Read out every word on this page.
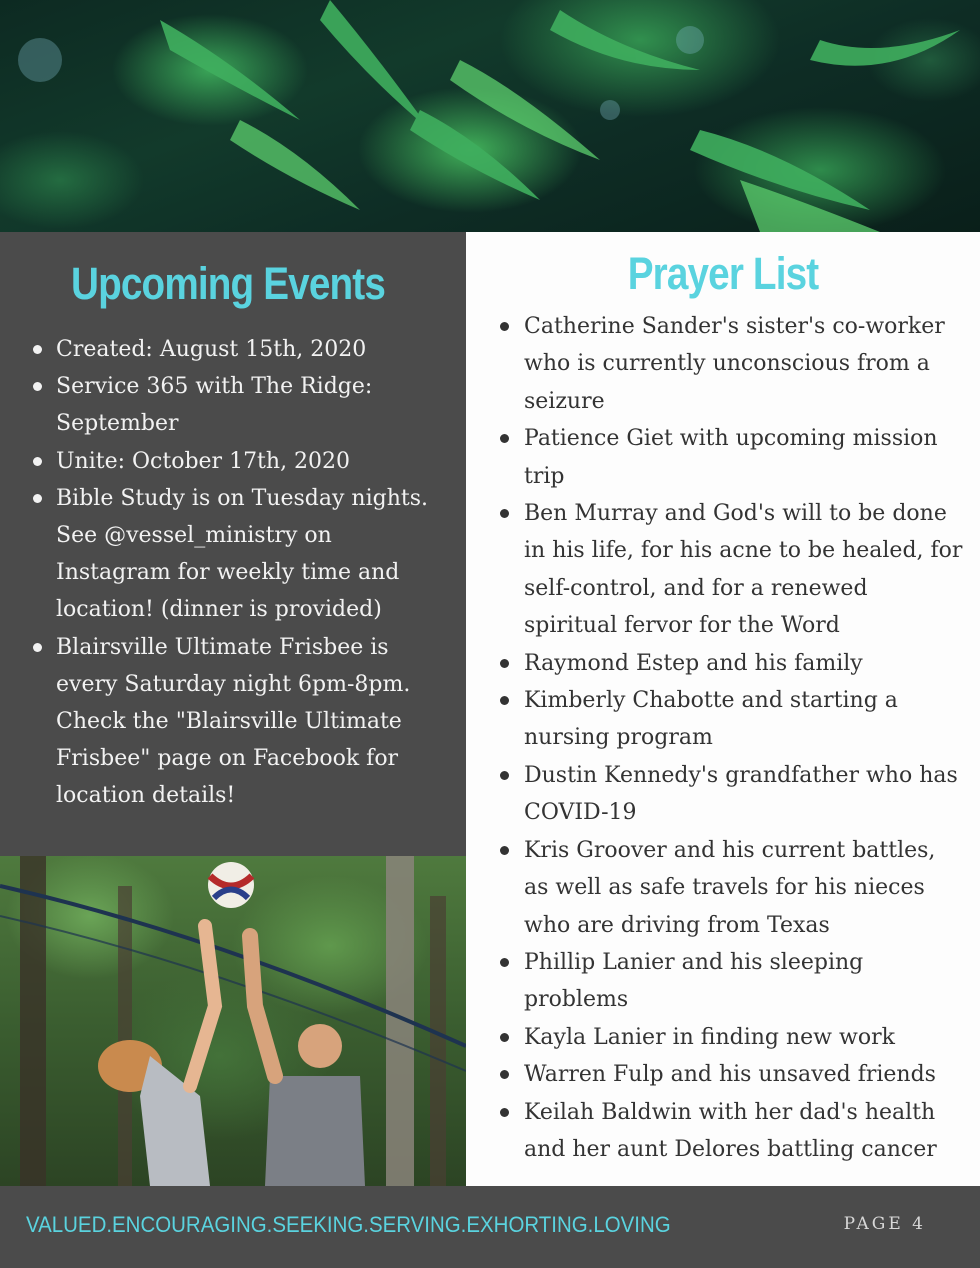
Upcoming Events
Created: August 15th, 2020
Service 365 with The Ridge: September
Unite: October 17th, 2020
Bible Study is on Tuesday nights. See @vessel_ministry on Instagram for weekly time and location! (dinner is provided)
Blairsville Ultimate Frisbee is every Saturday night 6pm-8pm. Check the "Blairsville Ultimate Frisbee" page on Facebook for location details!
Prayer List
Catherine Sander's sister's co-worker who is currently unconscious from a seizure
Patience Giet with upcoming mission trip
Ben Murray and God's will to be done in his life, for his acne to be healed, for self-control, and for a renewed spiritual fervor for the Word
Raymond Estep and his family
Kimberly Chabotte and starting a nursing program
Dustin Kennedy's grandfather who has COVID-19
Kris Groover and his current battles, as well as safe travels for his nieces who are driving from Texas
Phillip Lanier and his sleeping problems
Kayla Lanier in finding new work
Warren Fulp and his unsaved friends
Keilah Baldwin with her dad's health and her aunt Delores battling cancer
VALUED.ENCOURAGING.SEEKING.SERVING.EXHORTING.LOVING	PAGE 4
